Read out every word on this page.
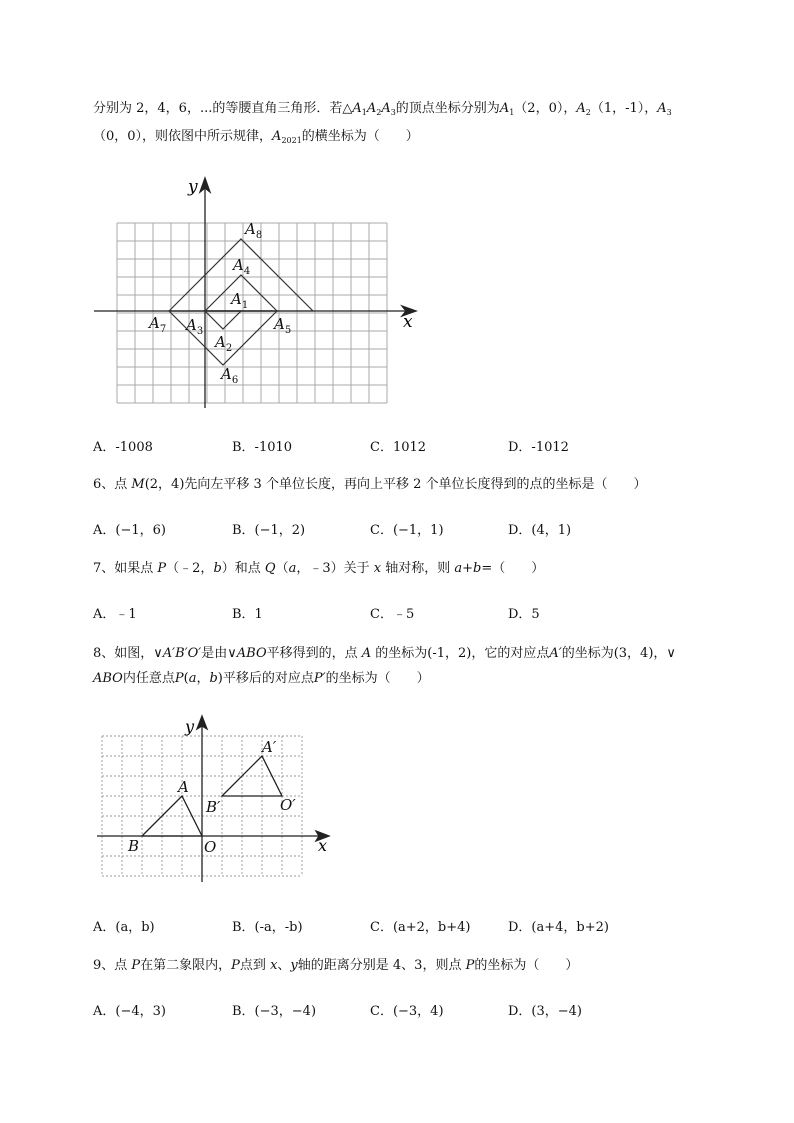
分别为 2，4，6，...的等腰直角三角形．若$\triangle A_1A_2A_3$的顶点坐标分别为$A_1(2$，0），$A_2(1$，-1），$A_3$
（0，0），则依图中所示规律，$A_{2021}$的横坐标为（　　）
x
y
$A_8$
$A_4$
$A_1$
$A_7$ $A_3$	$A_5$
$A_2$
$A_6$
A．-1008	B．-1010	C．1012	D．-1012
6、点 M(2，4)先向左平移 3 个单位长度，再向上平移 2 个单位长度得到的点的坐标是（　　）
A．(−1，6)	B．(−1，2)	C．(−1，1)	D．(4，1)
7、如果点 P（﹣2，b）和点 Q（a，﹣3）关于 x 轴对称，则 a+b=（　　）
A．﹣1	B．1	C．﹣5	D．5
8、如图，∨A′B′O′是由∨ABO平移得到的，点 A 的坐标为(-1，2)，它的对应点A′的坐标为(3，4)，∨
ABO内任意点P(a，b)平移后的对应点P′的坐标为（　　）
x
y
A′
A
B′	O′
B	O
A．(a，b)	B．(-a，-b)	C．(a+2，b+4)	D．(a+4，b+2)
9、点 P在第二象限内，P点到 x、y轴的距离分别是 4、3，则点 P的坐标为（　　）
A．(−4，3)	B．(−3，−4)	C．(−3，4)	D．(3，−4)
